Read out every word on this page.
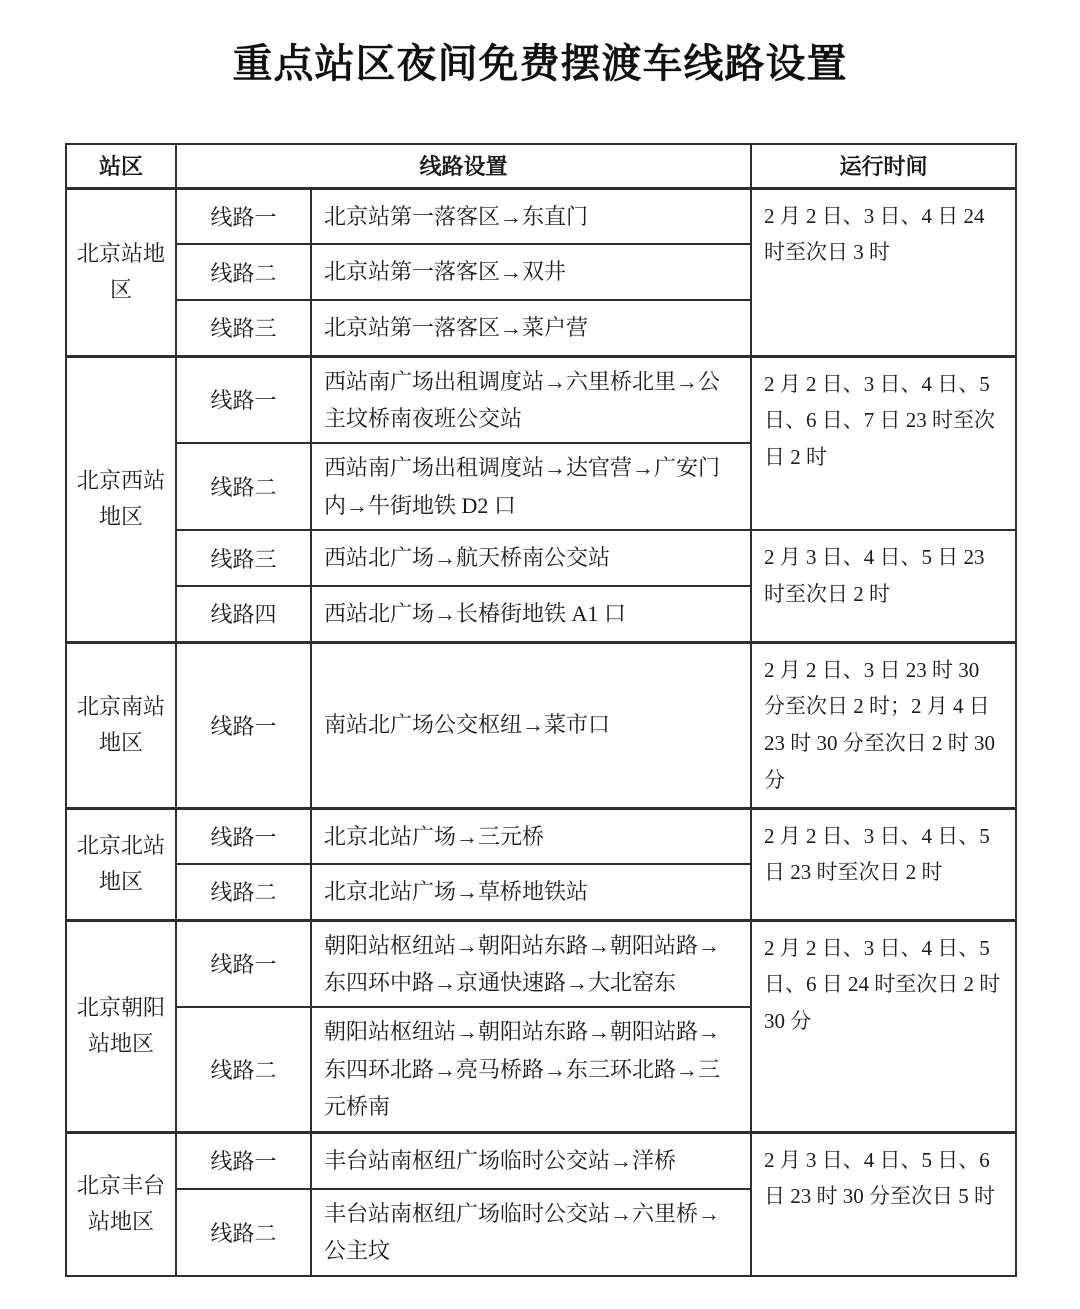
重点站区夜间免费摆渡车线路设置
站区	线路设置		运行时间
北京站地区	线路一	北京站第一落客区→东直门	2 月 2 日、3 日、4 日 24 时至次日 3 时
	线路二	北京站第一落客区→双井	
	线路三	北京站第一落客区→菜户营	
北京西站地区	线路一	西站南广场出租调度站→六里桥北里→公主坟桥南夜班公交站	2 月 2 日、3 日、4 日、5 日、6 日、7 日 23 时至次日 2 时
	线路二	西站南广场出租调度站→达官营→广安门内→牛街地铁 D2 口	
	线路三	西站北广场→航天桥南公交站	2 月 3 日、4 日、5 日 23 时至次日 2 时
	线路四	西站北广场→长椿街地铁 A1 口	
北京南站地区	线路一	南站北广场公交枢纽→菜市口	2 月 2 日、3 日 23 时 30 分至次日 2 时；2 月 4 日 23 时 30 分至次日 2 时 30 分
北京北站地区	线路一	北京北站广场→三元桥	2 月 2 日、3 日、4 日、5 日 23 时至次日 2 时
	线路二	北京北站广场→草桥地铁站	
北京朝阳站地区	线路一	朝阳站枢纽站→朝阳站东路→朝阳站路→东四环中路→京通快速路→大北窑东	2 月 2 日、3 日、4 日、5 日、6 日 24 时至次日 2 时 30 分
	线路二	朝阳站枢纽站→朝阳站东路→朝阳站路→东四环北路→亮马桥路→东三环北路→三元桥南	
北京丰台站地区	线路一	丰台站南枢纽广场临时公交站→洋桥	2 月 3 日、4 日、5 日、6 日 23 时 30 分至次日 5 时
	线路二	丰台站南枢纽广场临时公交站→六里桥→公主坟	
